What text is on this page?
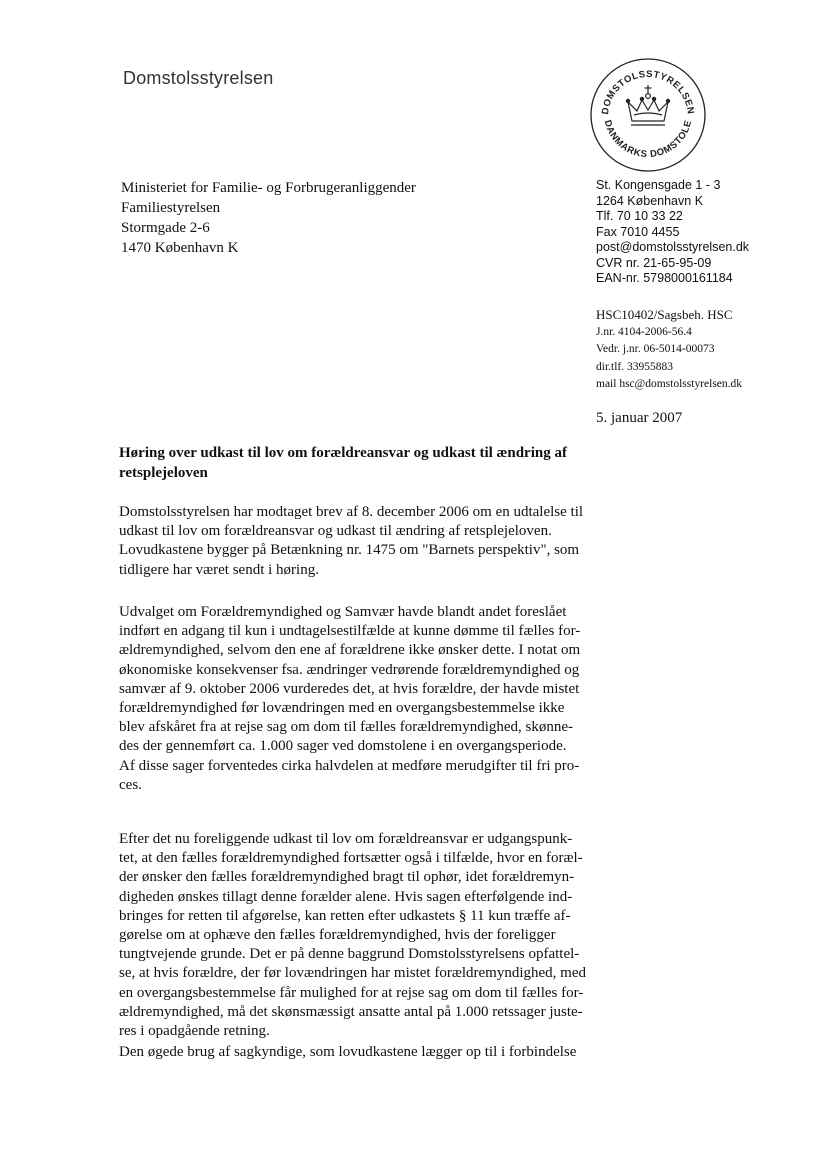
Domstolsstyrelsen
DOMSTOLSSTYRELSEN
DANMARKS DOMSTOLE
Ministeriet for Familie- og Forbrugeranliggender
Familiestyrelsen
Stormgade 2-6
1470 København K
St. Kongensgade 1 - 3
1264 København K
Tlf. 70 10 33 22
Fax 7010 4455
post@domstolsstyrelsen.dk
CVR nr. 21-65-95-09
EAN-nr. 5798000161184
HSC10402/Sagsbeh. HSC
J.nr. 4104-2006-56.4
Vedr. j.nr. 06-5014-00073
dir.tlf. 33955883
mail hsc@domstolsstyrelsen.dk
5. januar 2007
Høring over udkast til lov om forældreansvar og udkast til ændring af
retsplejeloven
Domstolsstyrelsen har modtaget brev af 8. december 2006 om en udtalelse til
udkast til lov om forældreansvar og udkast til ændring af retsplejeloven.
Lovudkastene bygger på Betænkning nr. 1475 om "Barnets perspektiv", som
tidligere har været sendt i høring.
Udvalget om Forældremyndighed og Samvær havde blandt andet foreslået
indført en adgang til kun i undtagelsestilfælde at kunne dømme til fælles for-
ældremyndighed, selvom den ene af forældrene ikke ønsker dette. I notat om
økonomiske konsekvenser fsa. ændringer vedrørende forældremyndighed og
samvær af 9. oktober 2006 vurderedes det, at hvis forældre, der havde mistet
forældremyndighed før lovændringen med en overgangsbestemmelse ikke
blev afskåret fra at rejse sag om dom til fælles forældremyndighed, skønne-
des der gennemført ca. 1.000 sager ved domstolene i en overgangsperiode.
Af disse sager forventedes cirka halvdelen at medføre merudgifter til fri pro-
ces.
Efter det nu foreliggende udkast til lov om forældreansvar er udgangspunk-
tet, at den fælles forældremyndighed fortsætter også i tilfælde, hvor en foræl-
der ønsker den fælles forældremyndighed bragt til ophør, idet forældremyn-
digheden ønskes tillagt denne forælder alene. Hvis sagen efterfølgende ind-
bringes for retten til afgørelse, kan retten efter udkastets § 11 kun træffe af-
gørelse om at ophæve den fælles forældremyndighed, hvis der foreligger
tungtvejende grunde. Det er på denne baggrund Domstolsstyrelsens opfattel-
se, at hvis forældre, der før lovændringen har mistet forældremyndighed, med
en overgangsbestemmelse får mulighed for at rejse sag om dom til fælles for-
ældremyndighed, må det skønsmæssigt ansatte antal på 1.000 retssager juste-
res i opadgående retning.
Den øgede brug af sagkyndige, som lovudkastene lægger op til i forbindelse
